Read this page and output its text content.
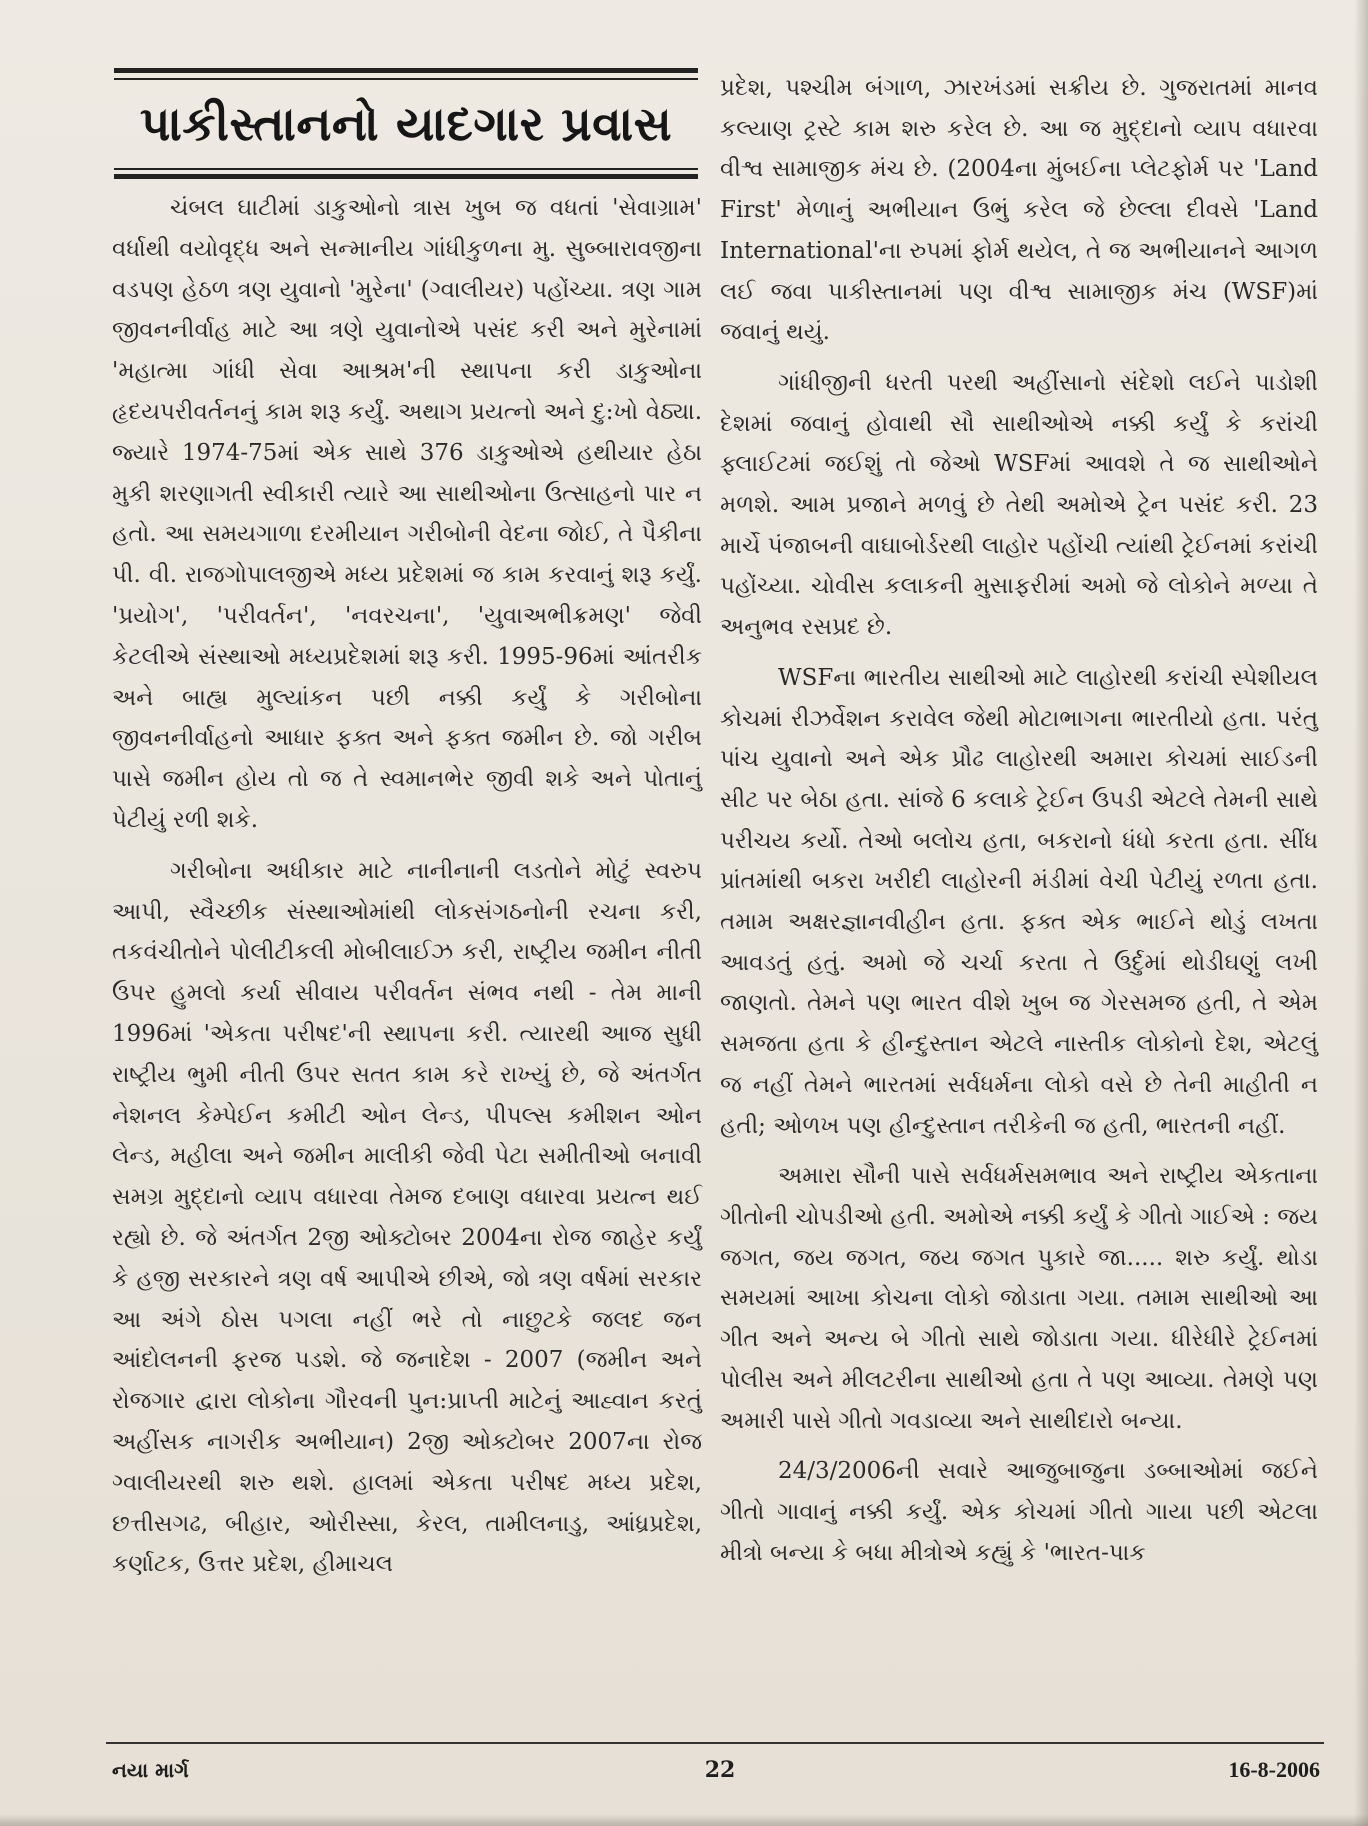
પાકીસ્તાનનો યાદગાર પ્રવાસ

ચંબલ ઘાટીમાં ડાકુઓનો ત્રાસ ખુબ જ વધતાં 'સેવાગ્રામ' વર્ધાથી વયોવૃદ્ધ અને સન્માનીય ગાંધીકુળના મુ. સુબ્બારાવજીના વડપણ હેઠળ ત્રણ યુવાનો 'મુરેના' (ગ્વાલીયર) પહોંચ્યા. ત્રણ ગામ જીવનનીર્વાહ માટે આ ત્રણે યુવાનોએ પસંદ કરી અને મુરેનામાં 'મહાત્મા ગાંધી સેવા આશ્રમ'ની સ્થાપના કરી ડાકુઓના હૃદયપરીવર્તનનું કામ શરૂ કર્યું. અથાગ પ્રયત્નો અને દુ:ખો વેઠ્યા. જ્યારે 1974-75માં એક સાથે 376 ડાકુઓએ હથીયાર હેઠા મુકી શરણાગતી સ્વીકારી ત્યારે આ સાથીઓના ઉત્સાહનો પાર ન હતો. આ સમયગાળા દરમીયાન ગરીબોની વેદના જોઈ, તે પૈકીના પી. વી. રાજગોપાલજીએ મધ્ય પ્રદેશમાં જ કામ કરવાનું શરૂ કર્યું. 'પ્રયોગ', 'પરીવર્તન', 'નવરચના', 'યુવાઅભીક્રમણ' જેવી કેટલીએ સંસ્થાઓ મધ્યપ્રદેશમાં શરૂ કરી. 1995-96માં આંતરીક અને બાહ્ય મુલ્યાંકન પછી નક્કી કર્યું કે ગરીબોના જીવનનીર્વાહનો આધાર ફક્ત અને ફક્ત જમીન છે. જો ગરીબ પાસે જમીન હોય તો જ તે સ્વમાનભેર જીવી શકે અને પોતાનું પેટીયું રળી શકે.

ગરીબોના અધીકાર માટે નાનીનાની લડતોને મોટું સ્વરુપ આપી, સ્વૈચ્છીક સંસ્થાઓમાંથી લોકસંગઠનોની રચના કરી, તકવંચીતોને પોલીટીકલી મોબીલાઈઝ કરી, રાષ્ટ્રીય જમીન નીતી ઉપર હુમલો કર્યા સીવાય પરીવર્તન સંભવ નથી - તેમ માની 1996માં 'એકતા પરીષદ'ની સ્થાપના કરી. ત્યારથી આજ સુધી રાષ્ટ્રીય ભુમી નીતી ઉપર સતત કામ કરે રાખ્યું છે, જે અંતર્ગત નેશનલ કેમ્પેઈન કમીટી ઓન લેન્ડ, પીપલ્સ કમીશન ઓન લેન્ડ, મહીલા અને જમીન માલીકી જેવી પેટા સમીતીઓ બનાવી સમગ્ર મુદ્દાનો વ્યાપ વધારવા તેમજ દબાણ વધારવા પ્રયત્ન થઈ રહ્યો છે. જે અંતર્ગત 2જી ઓક્ટોબર 2004ના રોજ જાહેર કર્યું કે હજી સરકારને ત્રણ વર્ષ આપીએ છીએ, જો ત્રણ વર્ષમાં સરકાર આ અંગે ઠોસ પગલા નહીં ભરે તો નાછુટકે જલદ જન આંદોલનની ફરજ પડશે. જે જનાદેશ - 2007 (જમીન અને રોજગાર દ્વારા લોકોના ગૌરવની પુન:પ્રાપ્તી માટેનું આહ્વાન કરતું અહીંસક નાગરીક અભીયાન) 2જી ઓક્ટોબર 2007ના રોજ ગ્વાલીયરથી શરુ થશે. હાલમાં એકતા પરીષદ મધ્ય પ્રદેશ, છત્તીસગઢ, બીહાર, ઓરીસ્સા, કેરલ, તામીલનાડુ, આંધ્રપ્રદેશ, કર્ણાટક, ઉત્તર પ્રદેશ, હીમાચલ

પ્રદેશ, પશ્ચીમ બંગાળ, ઝારખંડમાં સક્રીય છે. ગુજરાતમાં માનવ કલ્યાણ ટ્રસ્ટે કામ શરુ કરેલ છે. આ જ મુદ્દાનો વ્યાપ વધારવા વીશ્વ સામાજીક મંચ છે. (2004ના મુંબઈના પ્લેટફોર્મ પર 'Land First' મેળાનું અભીયાન ઉભું કરેલ જે છેલ્લા દીવસે 'Land International'ના રુપમાં ફોર્મ થયેલ, તે જ અભીયાનને આગળ લઈ જવા પાકીસ્તાનમાં પણ વીશ્વ સામાજીક મંચ (WSF)માં જવાનું થયું.

ગાંધીજીની ધરતી પરથી અહીંસાનો સંદેશો લઈને પાડોશી દેશમાં જવાનું હોવાથી સૌ સાથીઓએ નક્કી કર્યું કે કરાંચી ફ્લાઈટમાં જઈશું તો જેઓ WSFમાં આવશે તે જ સાથીઓને મળશે. આમ પ્રજાને મળવું છે તેથી અમોએ ટ્રેન પસંદ કરી. 23 માર્ચે પંજાબની વાઘાબોર્ડરથી લાહોર પહોંચી ત્યાંથી ટ્રેઈનમાં કરાંચી પહોંચ્યા. ચોવીસ કલાકની મુસાફરીમાં અમો જે લોકોને મળ્યા તે અનુભવ રસપ્રદ છે.

WSFના ભારતીય સાથીઓ માટે લાહોરથી કરાંચી સ્પેશીયલ કોચમાં રીઝર્વેશન કરાવેલ જેથી મોટાભાગના ભારતીયો હતા. પરંતુ પાંચ યુવાનો અને એક પ્રૌઢ લાહોરથી અમારા કોચમાં સાઈડની સીટ પર બેઠા હતા. સાંજે 6 કલાકે ટ્રેઈન ઉપડી એટલે તેમની સાથે પરીચય કર્યો. તેઓ બલોચ હતા, બકરાનો ધંધો કરતા હતા. સીંધ પ્રાંતમાંથી બકરા ખરીદી લાહોરની મંડીમાં વેચી પેટીયું રળતા હતા. તમામ અક્ષરજ્ઞાનવીહીન હતા. ફક્ત એક ભાઈને થોડું લખતા આવડતું હતું. અમો જે ચર્ચા કરતા તે ઉર્દુમાં થોડીઘણું લખી જાણતો. તેમને પણ ભારત વીશે ખુબ જ ગેરસમજ હતી, તે એમ સમજતા હતા કે હીન્દુસ્તાન એટલે નાસ્તીક લોકોનો દેશ, એટલું જ નહીં તેમને ભારતમાં સર્વધર્મના લોકો વસે છે તેની માહીતી ન હતી; ઓળખ પણ હીન્દુસ્તાન તરીકેની જ હતી, ભારતની નહીં.

અમારા સૌની પાસે સર્વધર્મસમભાવ અને રાષ્ટ્રીય એકતાના ગીતોની ચોપડીઓ હતી. અમોએ નક્કી કર્યું કે ગીતો ગાઈએ : જય જગત, જય જગત, જય જગત પુકારે જા..... શરુ કર્યું. થોડા સમયમાં આખા કોચના લોકો જોડાતા ગયા. તમામ સાથીઓ આ ગીત અને અન્ય બે ગીતો સાથે જોડાતા ગયા. ધીરેધીરે ટ્રેઈનમાં પોલીસ અને મીલટરીના સાથીઓ હતા તે પણ આવ્યા. તેમણે પણ અમારી પાસે ગીતો ગવડાવ્યા અને સાથીદારો બન્યા.

24/3/2006ની સવારે આજુબાજુના ડબ્બાઓમાં જઈને ગીતો ગાવાનું નક્કી કર્યું. એક કોચમાં ગીતો ગાયા પછી એટલા મીત્રો બન્યા કે બધા મીત્રોએ કહ્યું કે 'ભારત-પાક

નયા માર્ગ	22	16-8-2006
